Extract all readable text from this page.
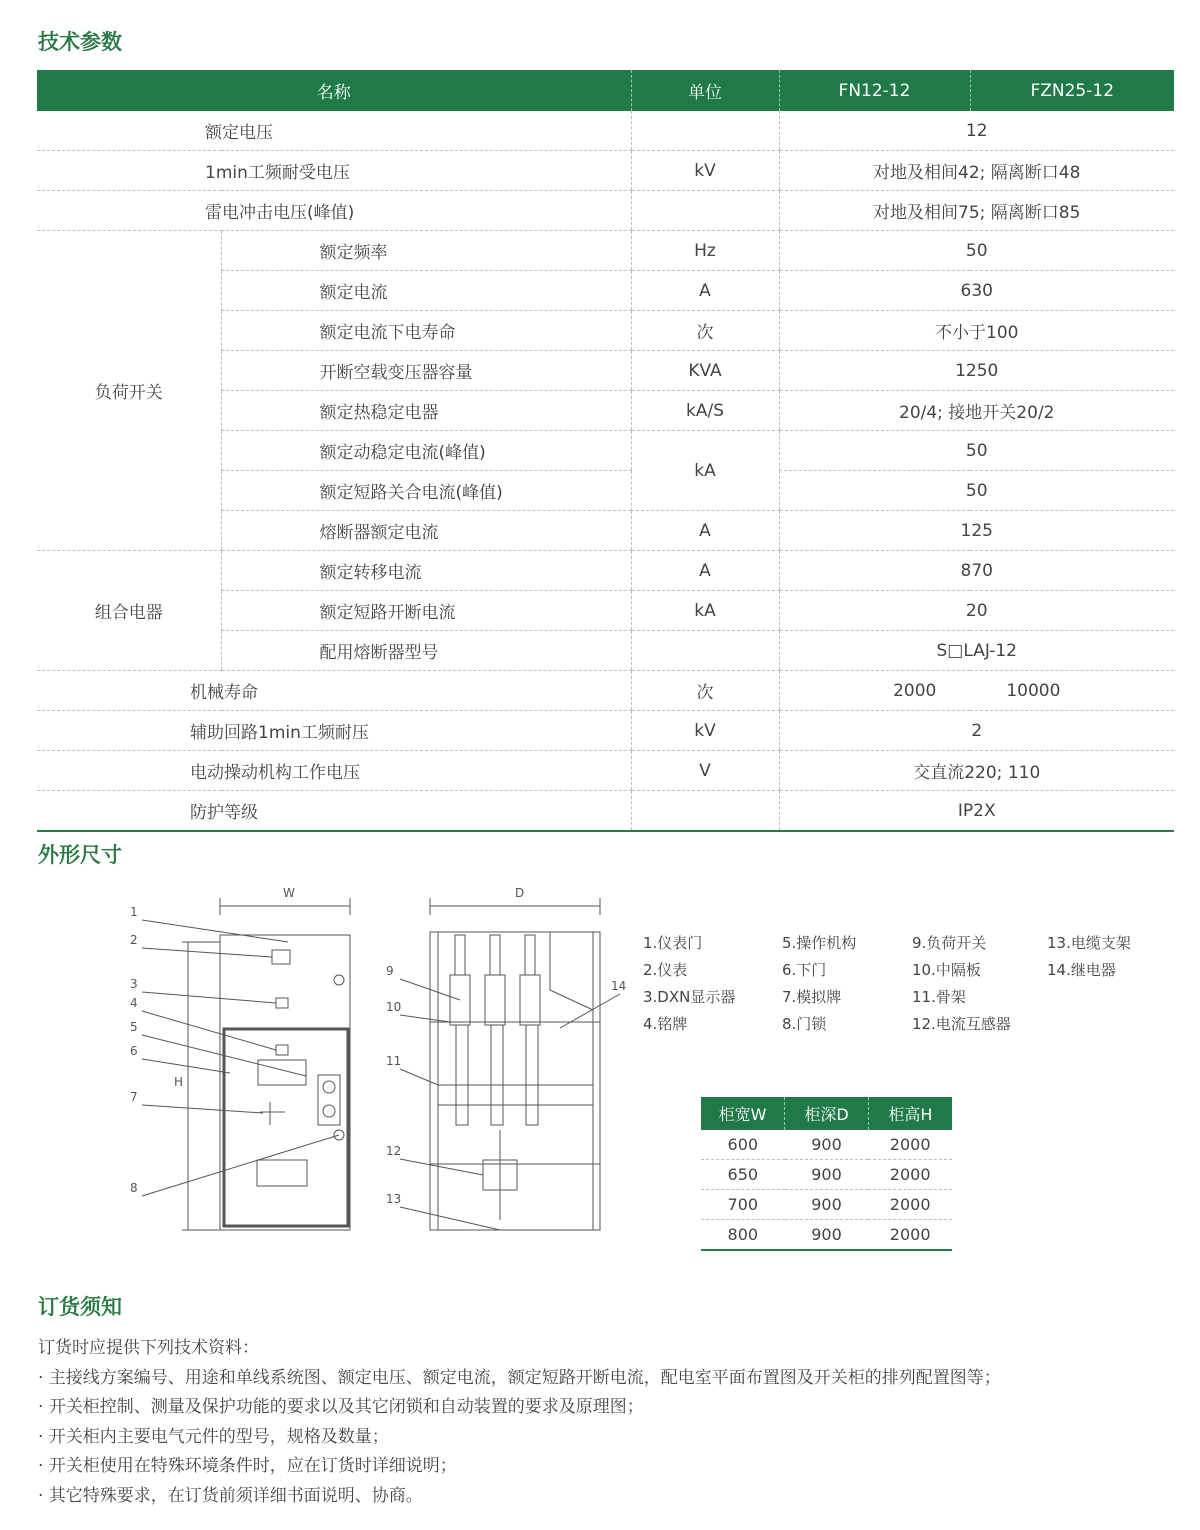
技术参数
名称		单位	FN12-12	FZN25-12
额定电压			12	
1min工频耐受电压		kV	对地及相间42; 隔离断口48	
雷电冲击电压(峰值)			对地及相间75; 隔离断口85	
负荷开关	额定频率	Hz	50	
	额定电流	A	630	
	额定电流下电寿命	次	不小于100	
	开断空载变压器容量	KVA	1250	
	额定热稳定电器	kA/S	20/4; 接地开关20/2	
	额定动稳定电流(峰值)	kA	50	
	额定短路关合电流(峰值)		50	
	熔断器额定电流	A	125	
组合电器	额定转移电流	A	870	
	额定短路开断电流	kA	20	
	配用熔断器型号		S□LAJ-12	
机械寿命		次	2000 10000	

辅助回路1min工频耐压		kV	2	
电动操动机构工作电压		V	交直流220; 110	
防护等级			IP2X	
外形尺寸
W
H
1
2
3
4
5
6
7
8
D
9
10
11
12
13
14
1.仪表门
2.仪表
3.DXN显示器
4.铭牌
5.操作机构
6.下门
7.模拟牌
8.门锁
9.负荷开关
10.中隔板
11.骨架
12.电流互感器
13.电缆支架
14.继电器
柜宽W	柜深D	柜高H
600	900	2000
650	900	2000
700	900	2000
800	900	2000
订货须知

订货时应提供下列技术资料：

· 主接线方案编号、用途和单线系统图、额定电压、额定电流，额定短路开断电流，配电室平面布置图及开关柜的排列配置图等；

· 开关柜控制、测量及保护功能的要求以及其它闭锁和自动装置的要求及原理图；

· 开关柜内主要电气元件的型号，规格及数量；

· 开关柜使用在特殊环境条件时，应在订货时详细说明；

· 其它特殊要求，在订货前须详细书面说明、协商。
